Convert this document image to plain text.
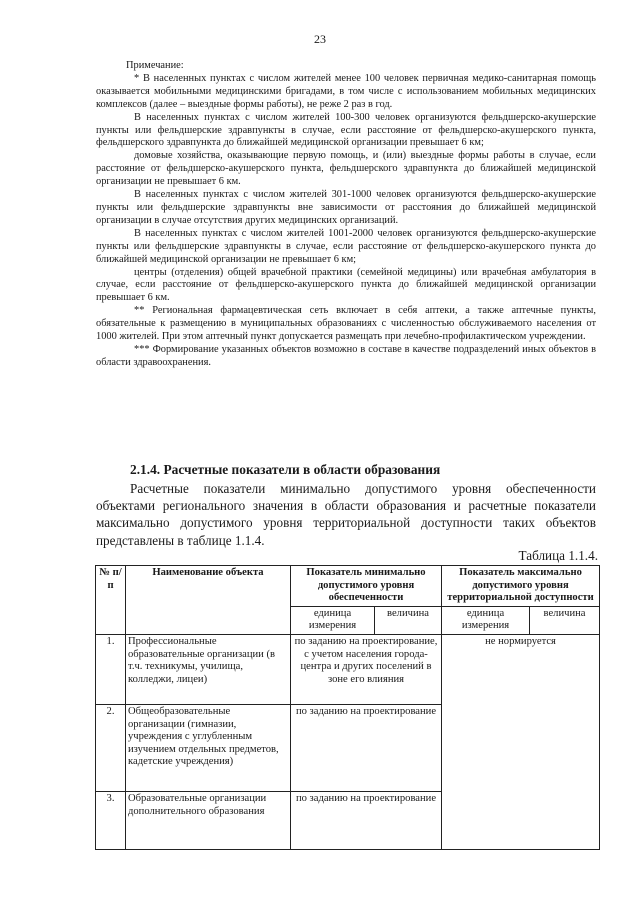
23

Примечание:

* В населенных пунктах с числом жителей менее 100 человек первичная медико-санитарная помощь оказывается мобильными медицинскими бригадами, в том числе с использованием мобильных медицинских комплексов (далее – выездные формы работы), не реже 2 раз в год.

В населенных пунктах с числом жителей 100-300 человек организуются фельдшерско-акушерские пункты или фельдшерские здравпункты в случае, если расстояние от фельдшерско-акушерского пункта, фельдшерского здравпункта до ближайшей медицинской организации превышает 6 км;

домовые хозяйства, оказывающие первую помощь, и (или) выездные формы работы в случае, если расстояние от фельдшерско-акушерского пункта, фельдшерского здравпункта до ближайшей медицинской организации не превышает 6 км.

В населенных пунктах с числом жителей 301-1000 человек организуются фельдшерско-акушерские пункты или фельдшерские здравпункты вне зависимости от расстояния до ближайшей медицинской организации в случае отсутствия других медицинских организаций.

В населенных пунктах с числом жителей 1001-2000 человек организуются фельдшерско-акушерские пункты или фельдшерские здравпункты в случае, если расстояние от фельдшерско-акушерского пункта до ближайшей медицинской организации не превышает 6 км;

центры (отделения) общей врачебной практики (семейной медицины) или врачебная амбулатория в случае, если расстояние от фельдшерско-акушерского пункта до ближайшей медицинской организации превышает 6 км.

** Региональная фармацевтическая сеть включает в себя аптеки, а также аптечные пункты, обязательные к размещению в муниципальных образованиях с численностью обслуживаемого населения от 1000 жителей. При этом аптечный пункт допускается размещать при лечебно-профилактическом учреждении.

*** Формирование указанных объектов возможно в составе в качестве подразделений иных объектов в области здравоохранения.

2.1.4. Расчетные показатели в области образования

Расчетные показатели минимально допустимого уровня обеспеченности объектами регионального значения в области образования и расчетные показатели максимально допустимого уровня территориальной доступности таких объектов представлены в таблице 1.1.4.

Таблица 1.1.4.
№ п/п	Наименование объекта	Показатель минимально допустимого уровня обеспеченности		Показатель максимально допустимого уровня территориальной доступности	
		единица измерения	величина	единица измерения	величина
1.	Профессиональные образовательные организации (в т.ч. техникумы, училища, колледжи, лицеи)	по заданию на проектирование, с учетом населения города-центра и других поселений в зоне его влияния		не нормируется	
2.	Общеобразовательные организации (гимназии, учреждения с углубленным изучением отдельных предметов, кадетские учреждения)	по заданию на проектирование			
3.	Образовательные организации дополнительного образования	по заданию на проектирование			
